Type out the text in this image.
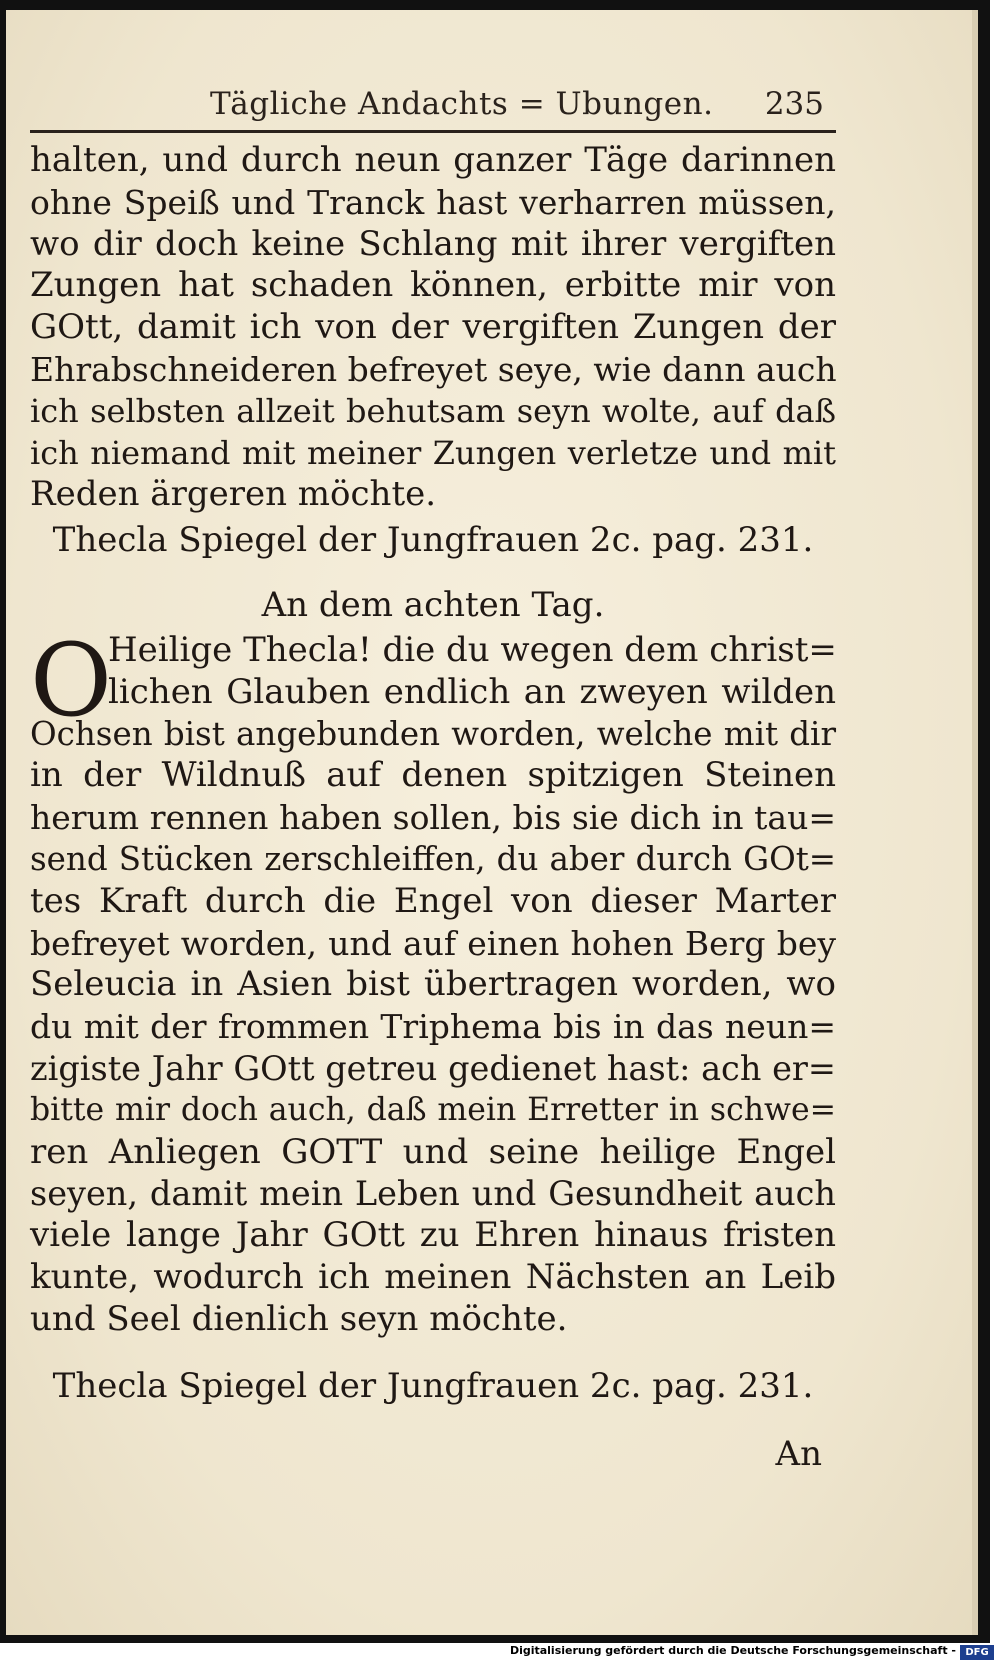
Tägliche Andachts = Ubungen. 235
halten, und durch neun ganzer Täge darinnen
ohne Speiß und Tranck hast verharren müssen,
wo dir doch keine Schlang mit ihrer vergiften
Zungen hat schaden können, erbitte mir von
GOtt, damit ich von der vergiften Zungen der
Ehrabschneideren befreyet seye, wie dann auch
ich selbsten allzeit behutsam seyn wolte, auf daß
ich niemand mit meiner Zungen verletze und mit
Reden ärgeren möchte.
Thecla Spiegel der Jungfrauen 2c. pag. 231.
An dem achten Tag.
O
Heilige Thecla! die du wegen dem christ=
lichen Glauben endlich an zweyen wilden
Ochsen bist angebunden worden, welche mit dir
in der Wildnuß auf denen spitzigen Steinen
herum rennen haben sollen, bis sie dich in tau=
send Stücken zerschleiffen, du aber durch GOt=
tes Kraft durch die Engel von dieser Marter
befreyet worden, und auf einen hohen Berg bey
Seleucia in Asien bist übertragen worden, wo
du mit der frommen Triphema bis in das neun=
zigiste Jahr GOtt getreu gedienet hast: ach er=
bitte mir doch auch, daß mein Erretter in schwe=
ren Anliegen GOTT und seine heilige Engel
seyen, damit mein Leben und Gesundheit auch
viele lange Jahr GOtt zu Ehren hinaus fristen
kunte, wodurch ich meinen Nächsten an Leib
und Seel dienlich seyn möchte.
Thecla Spiegel der Jungfrauen 2c. pag. 231.
An
Digitalisierung gefördert durch die Deutsche Forschungsgemeinschaft - DFG
